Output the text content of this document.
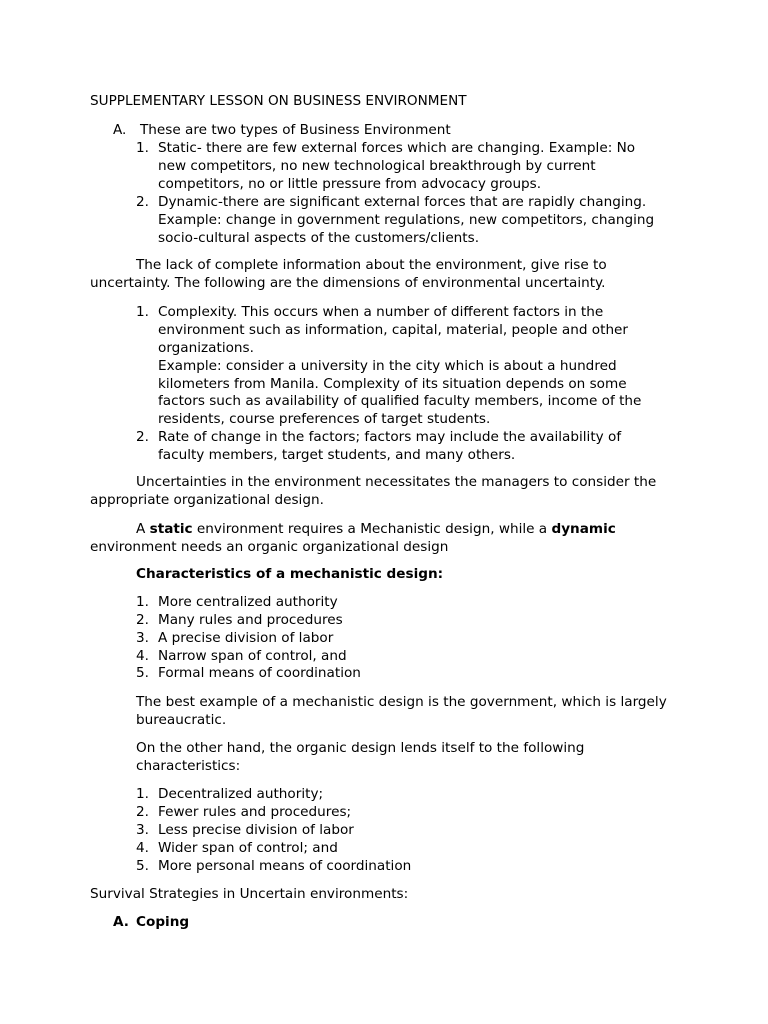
SUPPLEMENTARY LESSON ON BUSINESS ENVIRONMENT
A. These are two types of Business Environment
1. Static- there are few external forces which are changing. Example: No
new competitors, no new technological breakthrough by current
competitors, no or little pressure from advocacy groups.
2. Dynamic-there are significant external forces that are rapidly changing.
Example: change in government regulations, new competitors, changing
socio-cultural aspects of the customers/clients.
The lack of complete information about the environment, give rise to
uncertainty. The following are the dimensions of environmental uncertainty.
1. Complexity. This occurs when a number of different factors in the
environment such as information, capital, material, people and other
organizations.
Example: consider a university in the city which is about a hundred
kilometers from Manila. Complexity of its situation depends on some
factors such as availability of qualified faculty members, income of the
residents, course preferences of target students.
2. Rate of change in the factors; factors may include the availability of
faculty members, target students, and many others.
Uncertainties in the environment necessitates the managers to consider the
appropriate organizational design.
A static environment requires a Mechanistic design, while a dynamic
environment needs an organic organizational design
Characteristics of a mechanistic design:
1. More centralized authority
2. Many rules and procedures
3. A precise division of labor
4. Narrow span of control, and
5. Formal means of coordination
The best example of a mechanistic design is the government, which is largely
bureaucratic.
On the other hand, the organic design lends itself to the following
characteristics:
1. Decentralized authority;
2. Fewer rules and procedures;
3. Less precise division of labor
4. Wider span of control; and
5. More personal means of coordination
Survival Strategies in Uncertain environments:
A. Coping
